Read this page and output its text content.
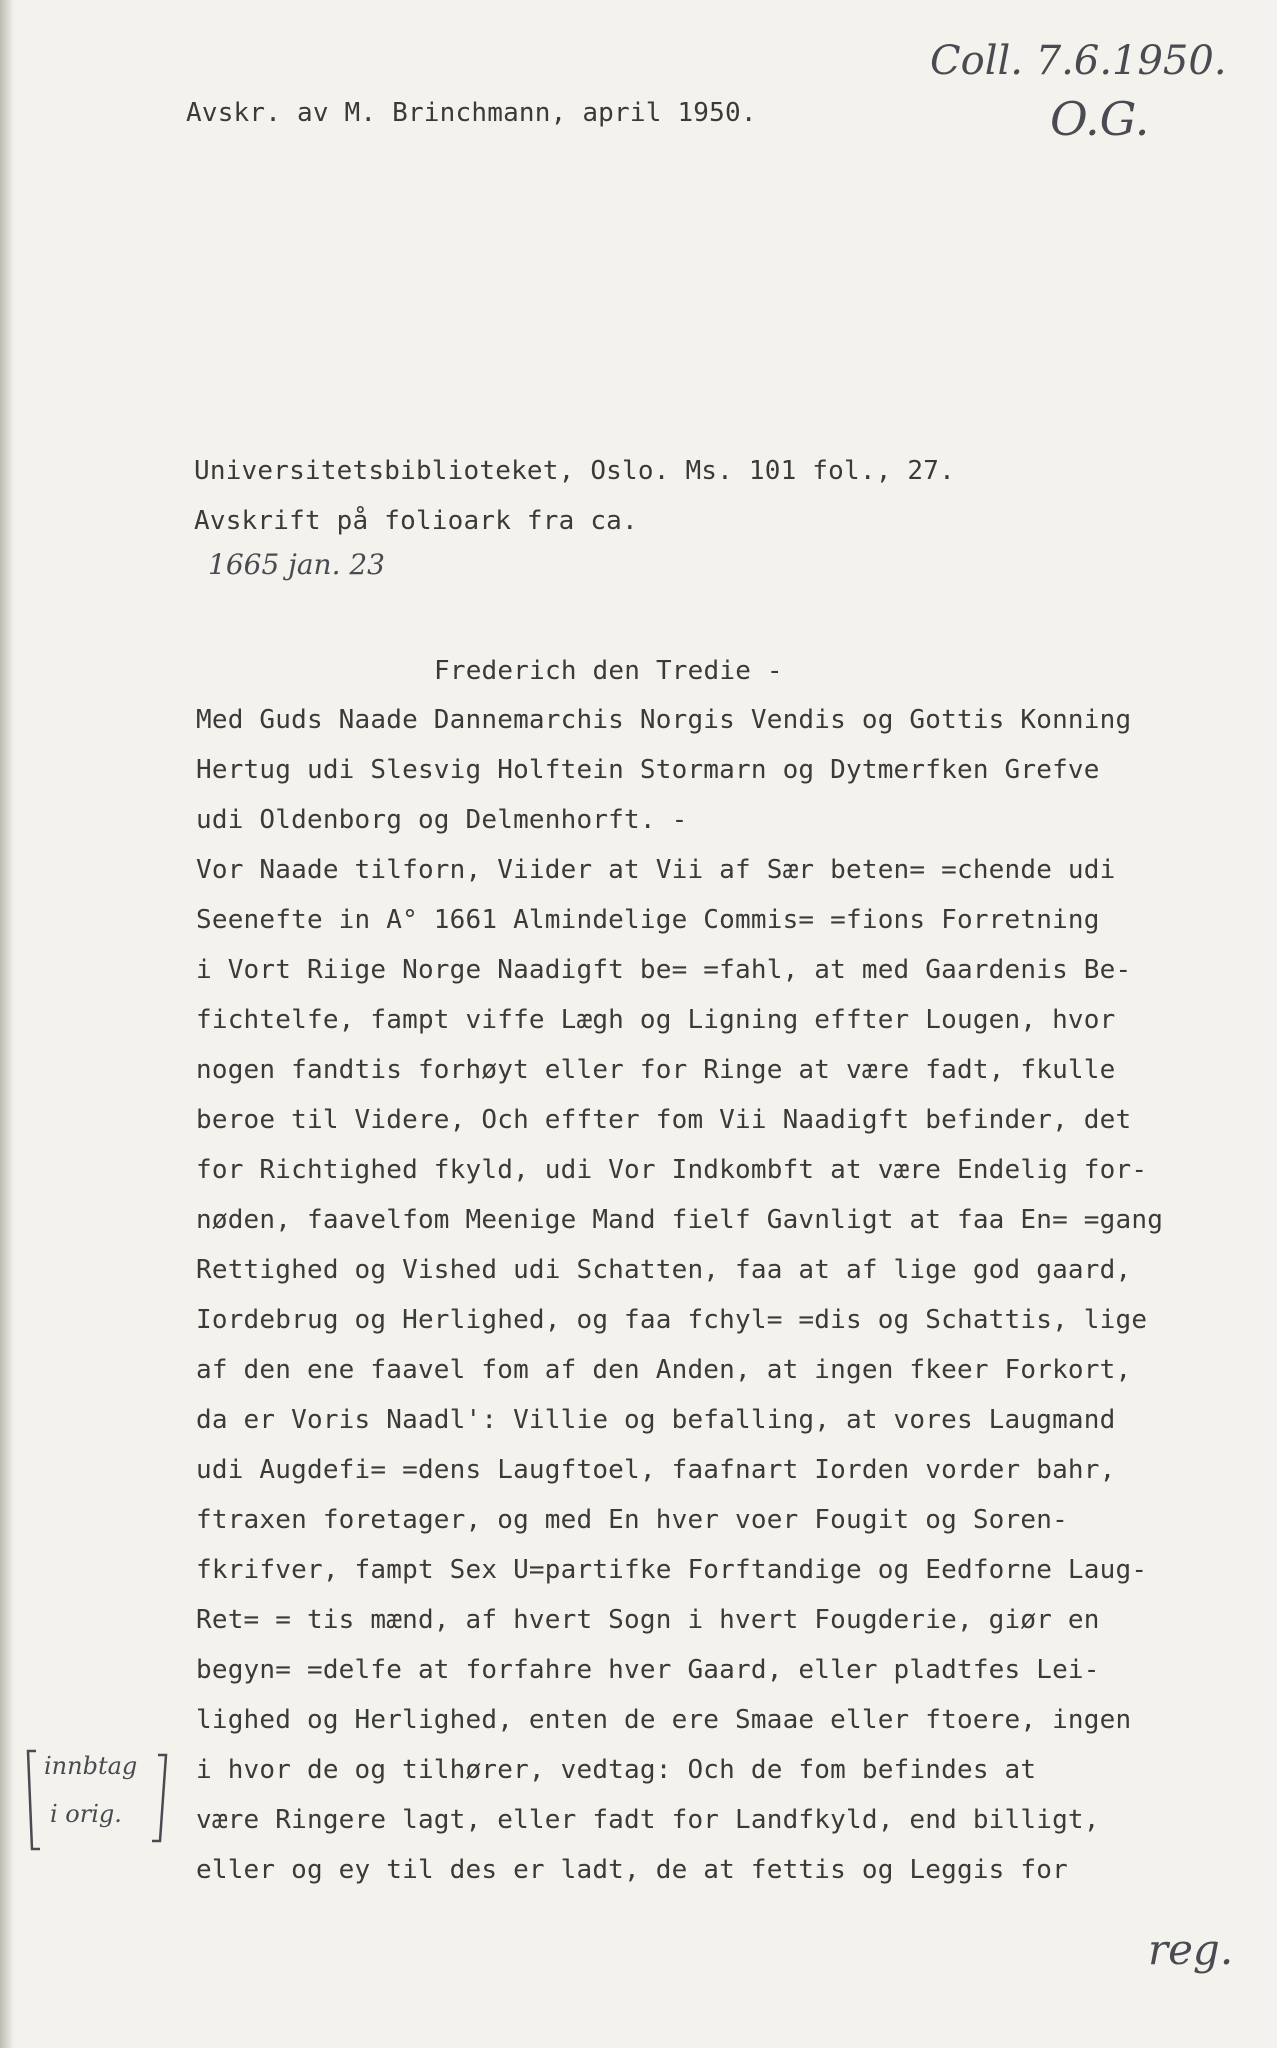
Avskr. av M. Brinchmann, april 1950.
Coll. 7.6.1950.
O.G.
Universitetsbiblioteket, Oslo. Ms. 101 fol., 27.
Avskrift på folioark fra ca.
1665 jan. 23
Frederich den Tredie -
Med Guds Naade Dannemarchis Norgis Vendis og Gottis Konning
Hertug udi Slesvig Holftein Stormarn og Dytmerfken Grefve
udi Oldenborg og Delmenhorft. -
Vor Naade tilforn, Viider at Vii af Sær beten= =chende udi
Seenefte in A° 1661 Almindelige Commis= =fions Forretning
i Vort Riige Norge Naadigft be= =fahl, at med Gaardenis Be-
fichtelfe, fampt viffe Lægh og Ligning effter Lougen, hvor
nogen fandtis forhøyt eller for Ringe at være fadt, fkulle
beroe til Videre, Och effter fom Vii Naadigft befinder, det
for Richtighed fkyld, udi Vor Indkombft at være Endelig for-
nøden, faavelfom Meenige Mand fielf Gavnligt at faa En= =gang
Rettighed og Vished udi Schatten, faa at af lige god gaard,
Iordebrug og Herlighed, og faa fchyl= =dis og Schattis, lige
af den ene faavel fom af den Anden, at ingen fkeer Forkort,
da er Voris Naadl': Villie og befalling, at vores Laugmand
udi Augdefi= =dens Laugftoel, faafnart Iorden vorder bahr,
ftraxen foretager, og med En hver voer Fougit og Soren-
fkrifver, fampt Sex U=partifke Forftandige og Eedforne Laug-
Ret= = tis mænd, af hvert Sogn i hvert Fougderie, giør en
begyn= =delfe at forfahre hver Gaard, eller pladtfes Lei-
lighed og Herlighed, enten de ere Smaae eller ftoere, ingen
i hvor de og tilhører, vedtag: Och de fom befindes at
være Ringere lagt, eller fadt for Landfkyld, end billigt,
eller og ey til des er ladt, de at fettis og Leggis for
innbtag
i orig.
reg.
